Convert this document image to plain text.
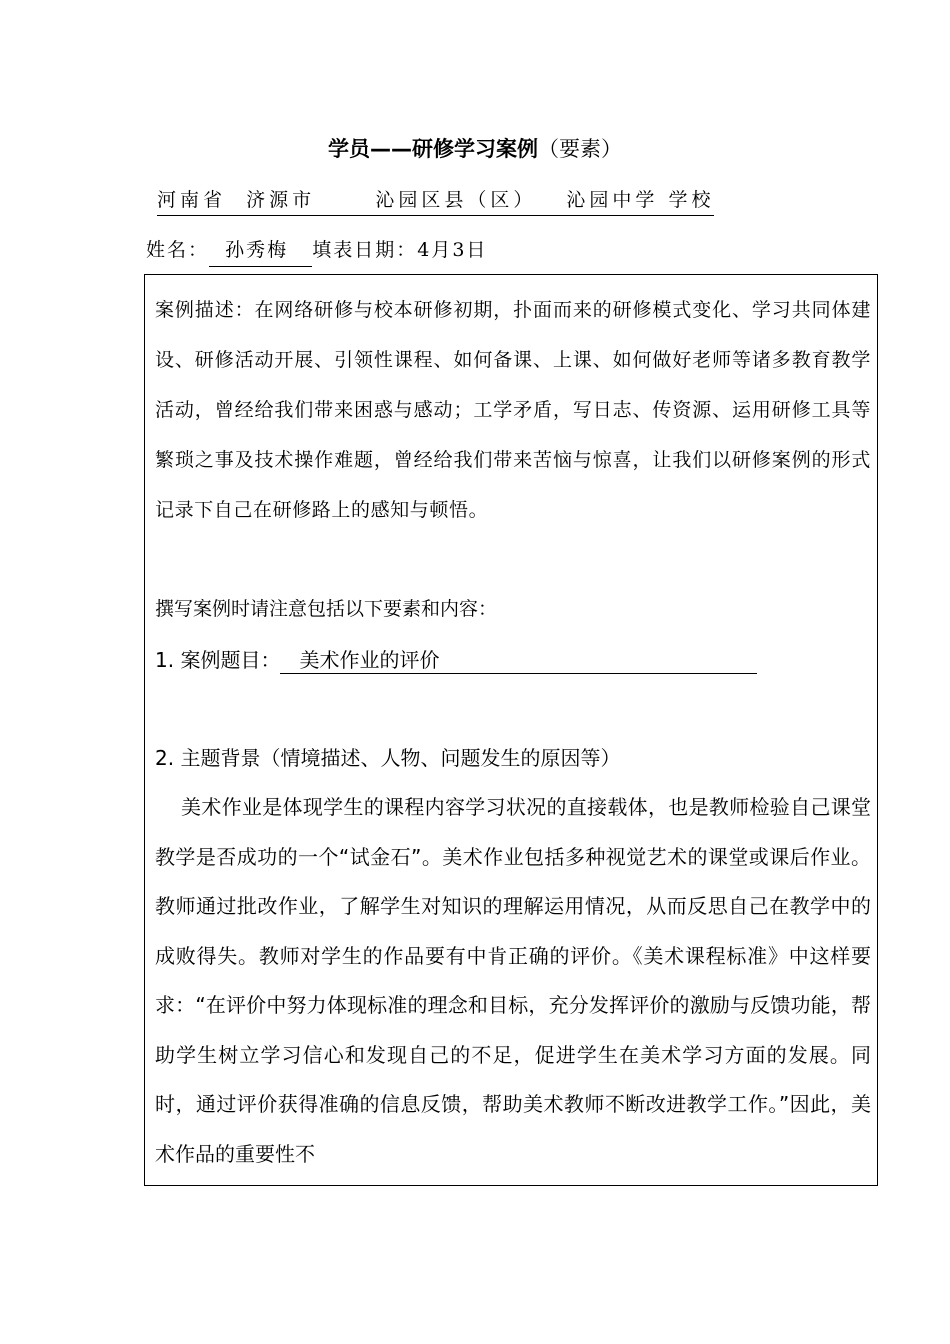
学员——研修学习案例（要素）
河南省  济源市      沁园区县（区）   沁园中学 学校
姓名：  孙秀梅   填表日期：4月3日
案例描述：在网络研修与校本研修初期，扑面而来的研修模式变化、学习共同体建设、研修活动开展、引领性课程、如何备课、上课、如何做好老师等诸多教育教学活动，曾经给我们带来困惑与感动；工学矛盾，写日志、传资源、运用研修工具等繁琐之事及技术操作难题，曾经给我们带来苦恼与惊喜，让我们以研修案例的形式记录下自己在研修路上的感知与顿悟。
撰写案例时请注意包括以下要素和内容：
1. 案例题目：   美术作业的评价
2. 主题背景（情境描述、人物、问题发生的原因等）
美术作业是体现学生的课程内容学习状况的直接载体，也是教师检验自己课堂教学是否成功的一个“试金石”。美术作业包括多种视觉艺术的课堂或课后作业。教师通过批改作业，了解学生对知识的理解运用情况，从而反思自己在教学中的成败得失。教师对学生的作品要有中肯正确的评价。《美术课程标准》中这样要求：“在评价中努力体现标准的理念和目标，充分发挥评价的激励与反馈功能，帮助学生树立学习信心和发现自己的不足，促进学生在美术学习方面的发展。同时，通过评价获得准确的信息反馈，帮助美术教师不断改进教学工作。”因此，美术作品的重要性不
